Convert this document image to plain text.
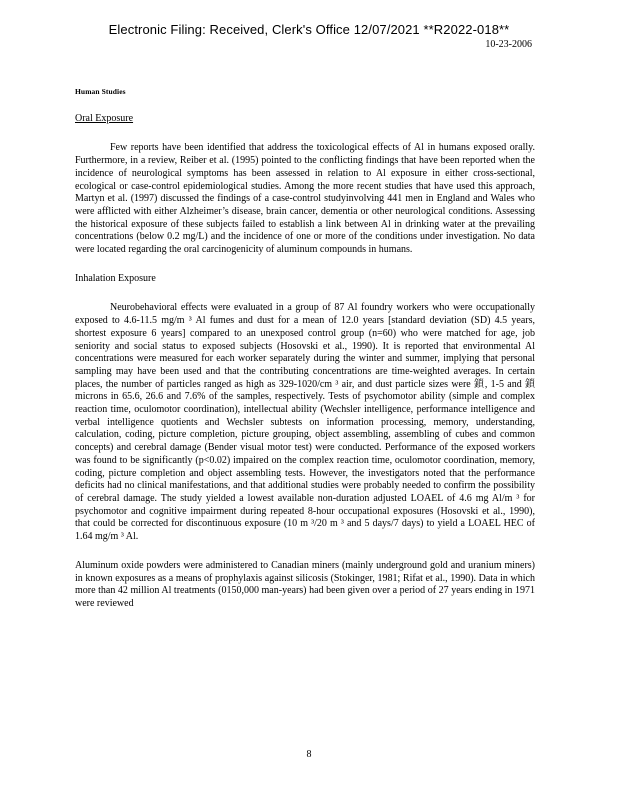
Electronic Filing: Received, Clerk's Office 12/07/2021 **R2022-018**
10-23-2006
Human Studies
Oral Exposure

Few reports have been identified that address the toxicological effects of Al in humans exposed orally. Furthermore, in a review, Reiber et al. (1995) pointed to the conflicting findings that have been reported when the incidence of neurological symptoms has been assessed in relation to Al exposure in either cross-sectional, ecological or case-control epidemiological studies. Among the more recent studies that have used this approach, Martyn et al. (1997) discussed the findings of a case-control studyinvolving 441 men in England and Wales who were afflicted with either Alzheimer’s disease, brain cancer, dementia or other neurological conditions. Assessing the historical exposure of these subjects failed to establish a link between Al in drinking water at the prevailing concentrations (below 0.2 mg/L) and the incidence of one or more of the conditions under investigation. No data were located regarding the oral carcinogenicity of aluminum compounds in humans.

Inhalation Exposure

Neurobehavioral effects were evaluated in a group of 87 Al foundry workers who were occupationally exposed to 4.6-11.5 mg/m ³ Al fumes and dust for a mean of 12.0 years [standard deviation (SD) 4.5 years, shortest exposure 6 years] compared to an unexposed control group (n=60) who were matched for age, job seniority and social status to exposed subjects (Hosovski et al., 1990). It is reported that environmental Al concentrations were measured for each worker separately during the winter and summer, implying that personal sampling may have been used and that the contributing concentrations are time-weighted averages. In certain places, the number of particles ranged as high as 329-1020/cm ³ air, and dust particle sizes were 鎖, 1-5 and 鎖 microns in 65.6, 26.6 and 7.6% of the samples, respectively. Tests of psychomotor ability (simple and complex reaction time, oculomotor coordination), intellectual ability (Wechsler intelligence, performance intelligence and verbal intelligence quotients and Wechsler subtests on information processing, memory, understanding, calculation, coding, picture completion, picture grouping, object assembling, assembling of cubes and common concepts) and cerebral damage (Bender visual motor test) were conducted. Performance of the exposed workers was found to be significantly (p<0.02) impaired on the complex reaction time, oculomotor coordination, memory, coding, picture completion and object assembling tests. However, the investigators noted that the performance deficits had no clinical manifestations, and that additional studies were probably needed to confirm the possibility of cerebral damage. The study yielded a lowest available non-duration adjusted LOAEL of 4.6 mg Al/m ³ for psychomotor and cognitive impairment during repeated 8-hour occupational exposures (Hosovski et al., 1990), that could be corrected for discontinuous exposure (10 m ³/20 m ³ and 5 days/7 days) to yield a LOAEL HEC of 1.64 mg/m ³ Al.

Aluminum oxide powders were administered to Canadian miners (mainly underground gold and uranium miners) in known exposures as a means of prophylaxis against silicosis (Stokinger, 1981; Rifat et al., 1990). Data in which more than 42 million Al treatments (0150,000 man-years) had been given over a period of 27 years ending in 1971 were reviewed

8
